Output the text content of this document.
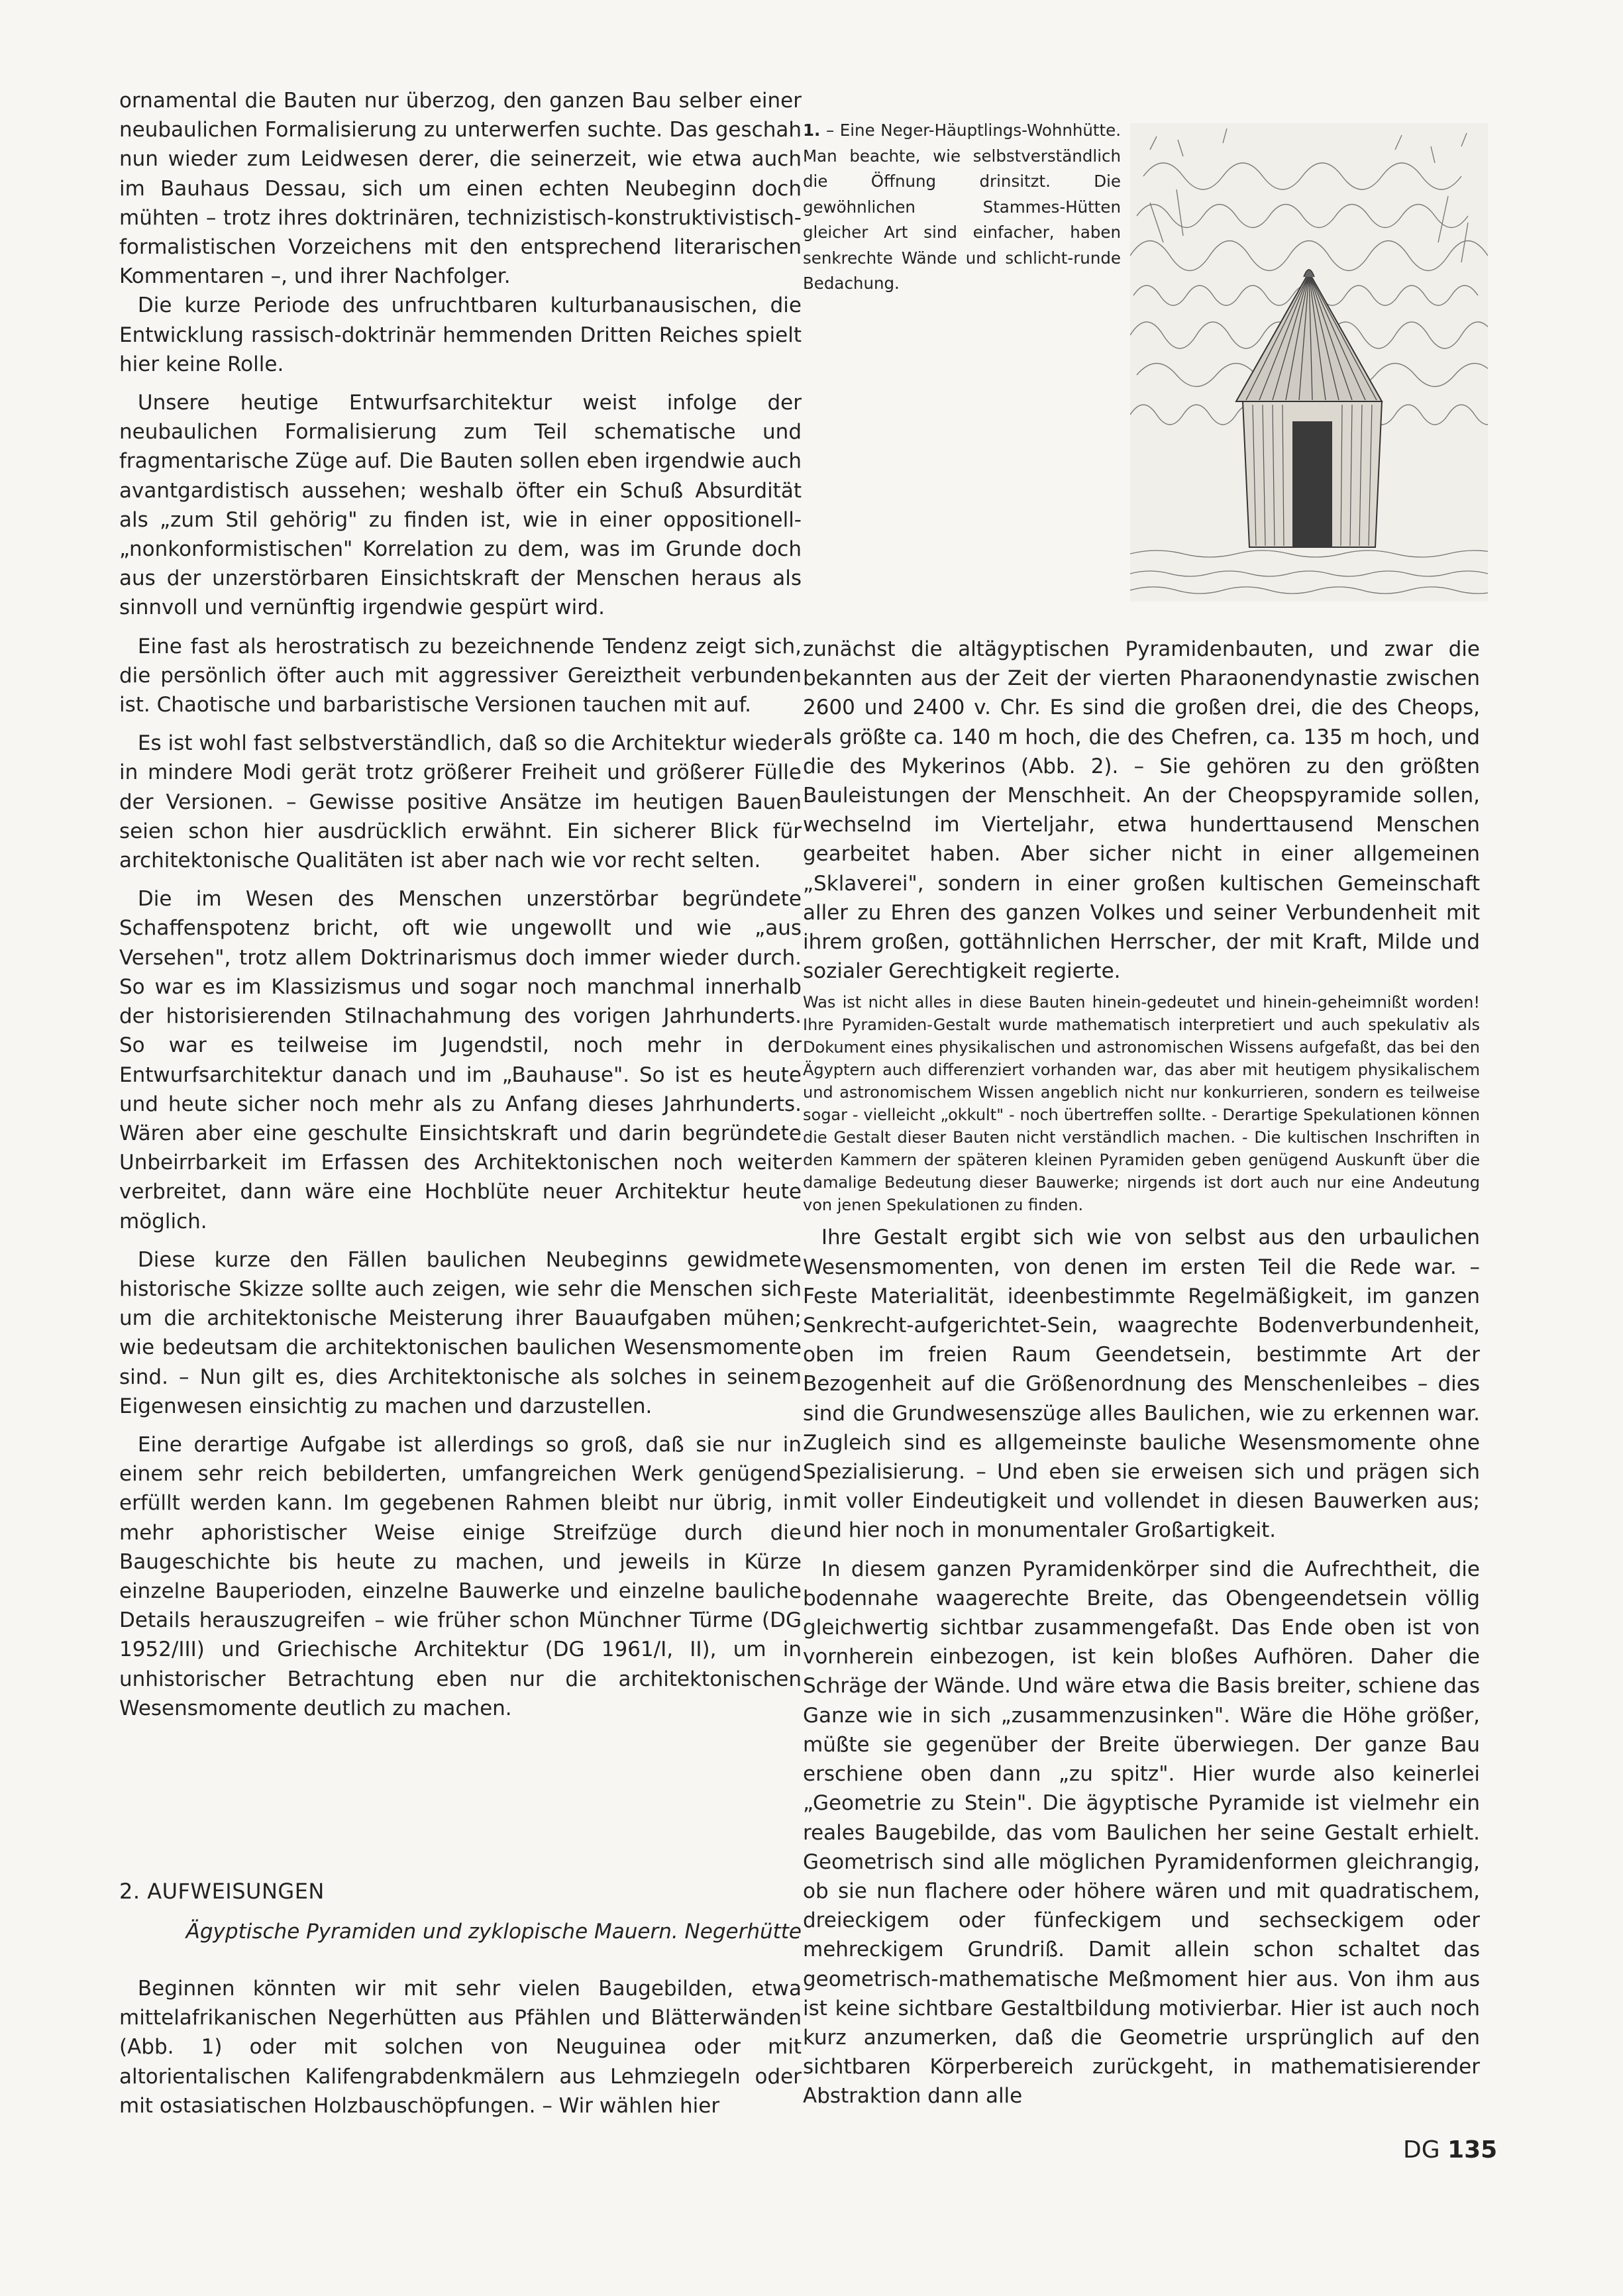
ornamental die Bauten nur überzog, den ganzen Bau selber einer neubaulichen Formalisierung zu unterwerfen suchte. Das geschah nun wieder zum Leidwesen derer, die seinerzeit, wie etwa auch im Bauhaus Dessau, sich um einen echten Neubeginn doch mühten – trotz ihres doktrinären, technizistisch-konstruktivistisch-formalistischen Vorzeichens mit den entsprechend literarischen Kommentaren –, und ihrer Nachfolger.

Die kurze Periode des unfruchtbaren kulturbanausischen, die Entwicklung rassisch-doktrinär hemmenden Dritten Reiches spielt hier keine Rolle.

Unsere heutige Entwurfsarchitektur weist infolge der neubaulichen Formalisierung zum Teil schematische und fragmentarische Züge auf. Die Bauten sollen eben irgendwie auch avantgardistisch aussehen; weshalb öfter ein Schuß Absurdität als „zum Stil gehörig" zu finden ist, wie in einer oppositionell-„nonkonformistischen" Korrelation zu dem, was im Grunde doch aus der unzerstörbaren Einsichtskraft der Menschen heraus als sinnvoll und vernünftig irgendwie gespürt wird.

Eine fast als herostratisch zu bezeichnende Tendenz zeigt sich, die persönlich öfter auch mit aggressiver Gereiztheit verbunden ist. Chaotische und barbaristische Versionen tauchen mit auf.

Es ist wohl fast selbstverständlich, daß so die Architektur wieder in mindere Modi gerät trotz größerer Freiheit und größerer Fülle der Versionen. – Gewisse positive Ansätze im heutigen Bauen seien schon hier ausdrücklich erwähnt. Ein sicherer Blick für architektonische Qualitäten ist aber nach wie vor recht selten.

Die im Wesen des Menschen unzerstörbar begründete Schaffenspotenz bricht, oft wie ungewollt und wie „aus Versehen", trotz allem Doktrinarismus doch immer wieder durch. So war es im Klassizismus und sogar noch manchmal innerhalb der historisierenden Stilnachahmung des vorigen Jahrhunderts. So war es teilweise im Jugendstil, noch mehr in der Entwurfsarchitektur danach und im „Bauhause". So ist es heute und heute sicher noch mehr als zu Anfang dieses Jahrhunderts. Wären aber eine geschulte Einsichtskraft und darin begründete Unbeirrbarkeit im Erfassen des Architektonischen noch weiter verbreitet, dann wäre eine Hochblüte neuer Architektur heute möglich.

Diese kurze den Fällen baulichen Neubeginns gewidmete historische Skizze sollte auch zeigen, wie sehr die Menschen sich um die architektonische Meisterung ihrer Bauaufgaben mühen; wie bedeutsam die architektonischen baulichen Wesensmomente sind. – Nun gilt es, dies Architektonische als solches in seinem Eigenwesen einsichtig zu machen und darzustellen.

Eine derartige Aufgabe ist allerdings so groß, daß sie nur in einem sehr reich bebilderten, umfangreichen Werk genügend erfüllt werden kann. Im gegebenen Rahmen bleibt nur übrig, in mehr aphoristischer Weise einige Streifzüge durch die Baugeschichte bis heute zu machen, und jeweils in Kürze einzelne Bauperioden, einzelne Bauwerke und einzelne bauliche Details herauszugreifen – wie früher schon Münchner Türme (DG 1952/III) und Griechische Architektur (DG 1961/I, II), um in unhistorischer Betrachtung eben nur die architektonischen Wesensmomente deutlich zu machen.

2. AUFWEISUNGEN
Ägyptische Pyramiden und zyklopische Mauern. Negerhütte

Beginnen könnten wir mit sehr vielen Baugebilden, etwa mittelafrikanischen Negerhütten aus Pfählen und Blätterwänden (Abb. 1) oder mit solchen von Neuguinea oder mit altorientalischen Kalifengrabdenkmälern aus Lehmziegeln oder mit ostasiatischen Holzbauschöpfungen. – Wir wählen hier

1. – Eine Neger-Häuptlings-Wohnhütte. Man beachte, wie selbstverständlich die Öffnung drinsitzt. Die gewöhnlichen Stammes-Hütten gleicher Art sind einfacher, haben senkrechte Wände und schlicht-runde Bedachung.

zunächst die altägyptischen Pyramidenbauten, und zwar die bekannten aus der Zeit der vierten Pharaonendynastie zwischen 2600 und 2400 v. Chr. Es sind die großen drei, die des Cheops, als größte ca. 140 m hoch, die des Chefren, ca. 135 m hoch, und die des Mykerinos (Abb. 2). – Sie gehören zu den größten Bauleistungen der Menschheit. An der Cheopspyramide sollen, wechselnd im Vierteljahr, etwa hunderttausend Menschen gearbeitet haben. Aber sicher nicht in einer allgemeinen „Sklaverei", sondern in einer großen kultischen Gemeinschaft aller zu Ehren des ganzen Volkes und seiner Verbundenheit mit ihrem großen, gottähnlichen Herrscher, der mit Kraft, Milde und sozialer Gerechtigkeit regierte.

Was ist nicht alles in diese Bauten hinein-gedeutet und hinein-geheimnißt worden! Ihre Pyramiden-Gestalt wurde mathematisch interpretiert und auch spekulativ als Dokument eines physikalischen und astronomischen Wissens aufgefaßt, das bei den Ägyptern auch differenziert vorhanden war, das aber mit heutigem physikalischem und astronomischem Wissen angeblich nicht nur konkurrieren, sondern es teilweise sogar - vielleicht „okkult" - noch übertreffen sollte. - Derartige Spekulationen können die Gestalt dieser Bauten nicht verständlich machen. - Die kultischen Inschriften in den Kammern der späteren kleinen Pyramiden geben genügend Auskunft über die damalige Bedeutung dieser Bauwerke; nirgends ist dort auch nur eine Andeutung von jenen Spekulationen zu finden.

Ihre Gestalt ergibt sich wie von selbst aus den urbaulichen Wesensmomenten, von denen im ersten Teil die Rede war. – Feste Materialität, ideenbestimmte Regelmäßigkeit, im ganzen Senkrecht-aufgerichtet-Sein, waagrechte Bodenverbundenheit, oben im freien Raum Geendetsein, bestimmte Art der Bezogenheit auf die Größenordnung des Menschenleibes – dies sind die Grundwesenszüge alles Baulichen, wie zu erkennen war. Zugleich sind es allgemeinste bauliche Wesensmomente ohne Spezialisierung. – Und eben sie erweisen sich und prägen sich mit voller Eindeutigkeit und vollendet in diesen Bauwerken aus; und hier noch in monumentaler Großartigkeit.

In diesem ganzen Pyramidenkörper sind die Aufrechtheit, die bodennahe waagerechte Breite, das Obengeendetsein völlig gleichwertig sichtbar zusammengefaßt. Das Ende oben ist von vornherein einbezogen, ist kein bloßes Aufhören. Daher die Schräge der Wände. Und wäre etwa die Basis breiter, schiene das Ganze wie in sich „zusammenzusinken". Wäre die Höhe größer, müßte sie gegenüber der Breite überwiegen. Der ganze Bau erschiene oben dann „zu spitz". Hier wurde also keinerlei „Geometrie zu Stein". Die ägyptische Pyramide ist vielmehr ein reales Baugebilde, das vom Baulichen her seine Gestalt erhielt. Geometrisch sind alle möglichen Pyramidenformen gleichrangig, ob sie nun flachere oder höhere wären und mit quadratischem, dreieckigem oder fünfeckigem und sechseckigem oder mehreckigem Grundriß. Damit allein schon schaltet das geometrisch-mathematische Meßmoment hier aus. Von ihm aus ist keine sichtbare Gestaltbildung motivierbar. Hier ist auch noch kurz anzumerken, daß die Geometrie ursprünglich auf den sichtbaren Körperbereich zurückgeht, in mathematisierender Abstraktion dann alle

DG 135
